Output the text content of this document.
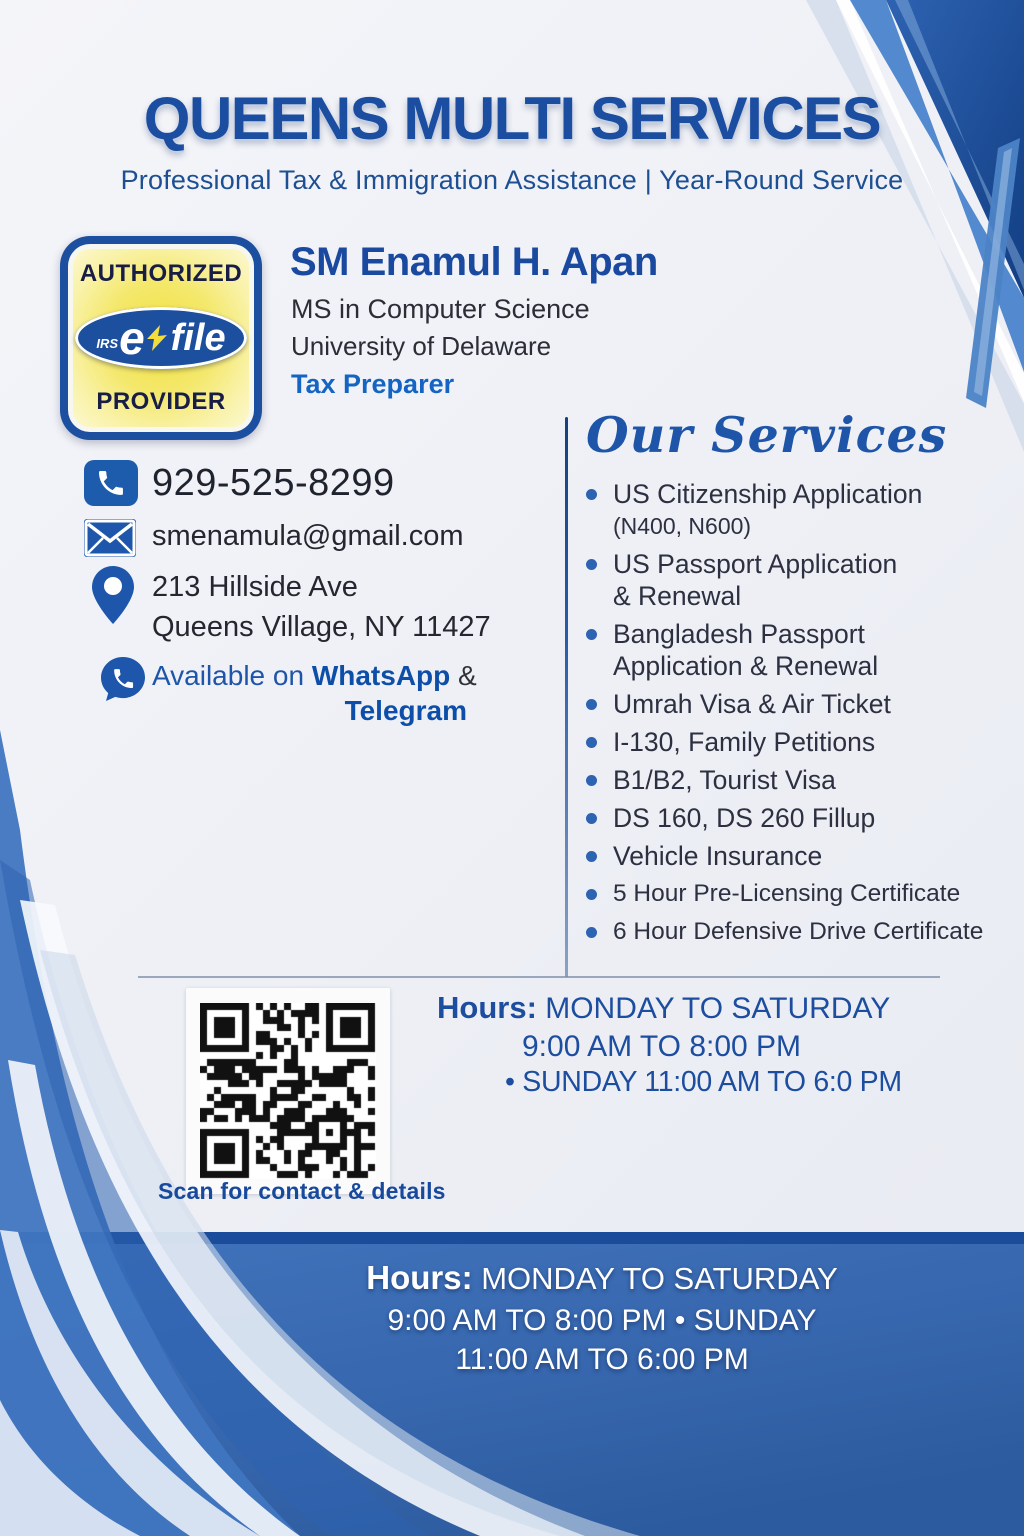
QUEENS MULTI SERVICES
Professional Tax & Immigration Assistance | Year-Round Service
AUTHORIZED
IRS e file
PROVIDER
SM Enamul H. Apan
MS in Computer Science
University of Delaware
Tax Preparer
929-525-8299
smenamula@gmail.com
213 Hillside Ave
Queens Village, NY 11427
Available on WhatsApp &
Telegram
Our Services
US Citizenship Application
(N400, N600)
US Passport Application
& Renewal
Bangladesh Passport
Application & Renewal
Umrah Visa & Air Ticket
I-130, Family Petitions
B1/B2, Tourist Visa
DS 160, DS 260 Fillup
Vehicle Insurance
5 Hour Pre-Licensing Certificate
6 Hour Defensive Drive Certificate
Scan for contact & details
Hours: MONDAY TO SATURDAY
9:00 AM TO 8:00 PM
• SUNDAY 11:00 AM TO 6:0 PM
Hours: MONDAY TO SATURDAY
9:00 AM TO 8:00 PM • SUNDAY
11:00 AM TO 6:00 PM
